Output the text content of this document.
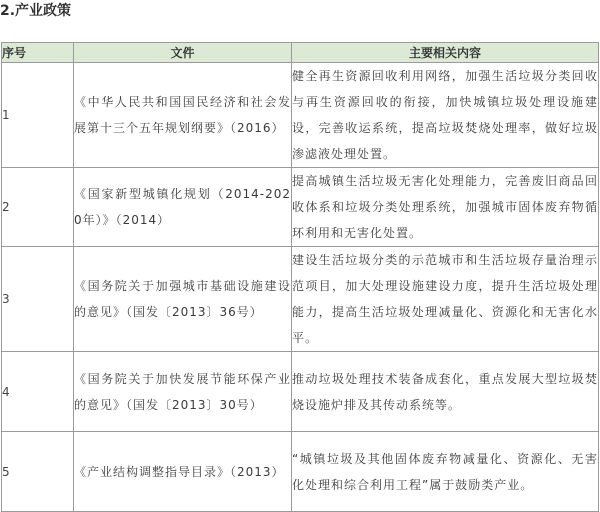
2.产业政策
序号	文件	主要相关内容
1	《中华人民共和国国民经济和社会发展第十三个五年规划纲要》（2016）	健全再生资源回收利用网络，加强生活垃圾分类回收与再生资源回收的衔接，加快城镇垃圾处理设施建设，完善收运系统，提高垃圾焚烧处理率，做好垃圾渗滤液处理处置。
2	《国家新型城镇化规划（2014-2020年）》（2014）	提高城镇生活垃圾无害化处理能力，完善废旧商品回收体系和垃圾分类处理系统，加强城市固体废弃物循环利用和无害化处置。
3	《国务院关于加强城市基础设施建设的意见》（国发〔2013〕36号）	建设生活垃圾分类的示范城市和生活垃圾存量治理示范项目，加大处理设施建设力度，提升生活垃圾处理能力，提高生活垃圾处理减量化、资源化和无害化水平。
4	《国务院关于加快发展节能环保产业的意见》（国发〔2013〕30号）	推动垃圾处理技术装备成套化，重点发展大型垃圾焚烧设施炉排及其传动系统等。
5	《产业结构调整指导目录》（2013）	“城镇垃圾及其他固体废弃物减量化、资源化、无害化处理和综合利用工程”属于鼓励类产业。
